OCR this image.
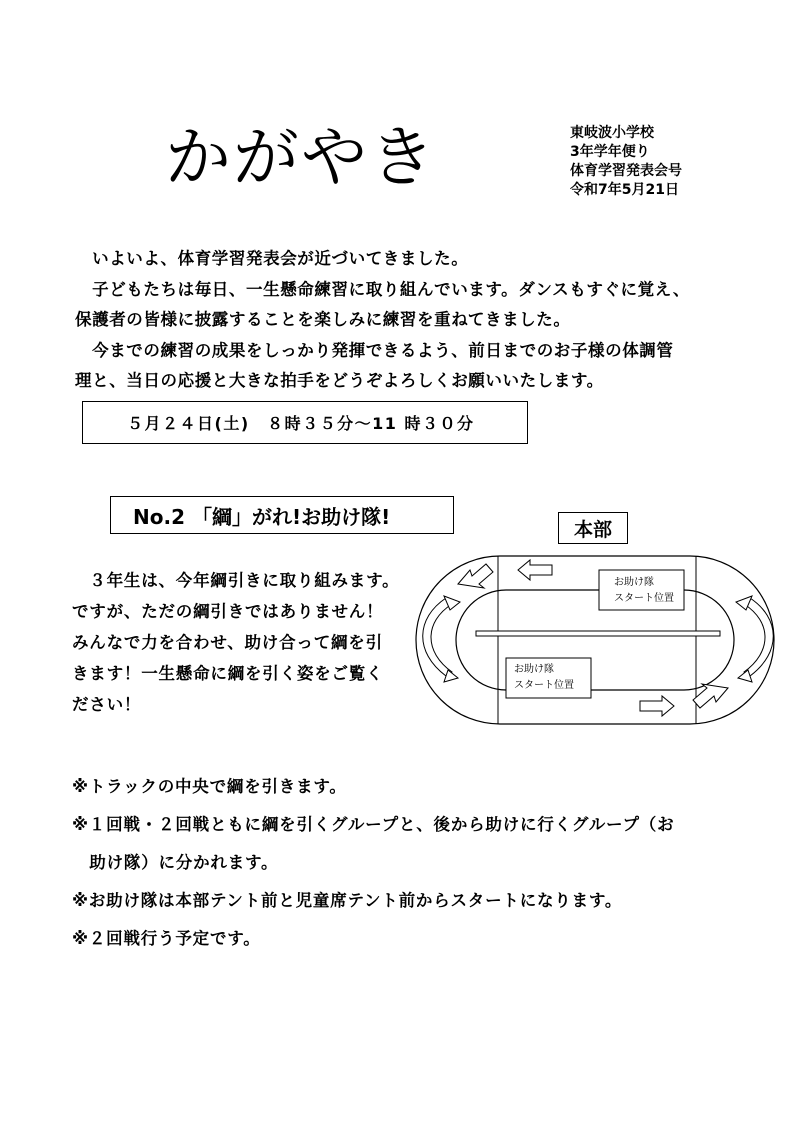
かがやき	東岐波小学校
3年学年便り
体育学習発表会号
令和7年5月21日

　いよいよ、体育学習発表会が近づいてきました。

　子どもたちは毎日、一生懸命練習に取り組んでいます。ダンスもすぐに覚え、

保護者の皆様に披露することを楽しみに練習を重ねてきました。

　今までの練習の成果をしっかり発揮できるよう、前日までのお子様の体調管

理と、当日の応援と大きな拍手をどうぞよろしくお願いいたします。

５月２４日(土)　８時３５分～11 時３０分
No.2 「綱」がれ!お助け隊!
本部

　３年生は、今年綱引きに取り組みます。

ですが、ただの綱引きではありません！

みんなで力を合わせ、助け合って綱を引

きます！一生懸命に綱を引く姿をご覧く

ださい！

お助け隊
スタート位置
お助け隊
スタート位置

※トラックの中央で綱を引きます。

※１回戦・２回戦ともに綱を引くグループと、後から助けに行くグループ（お

　助け隊）に分かれます。

※お助け隊は本部テント前と児童席テント前からスタートになります。

※２回戦行う予定です。
